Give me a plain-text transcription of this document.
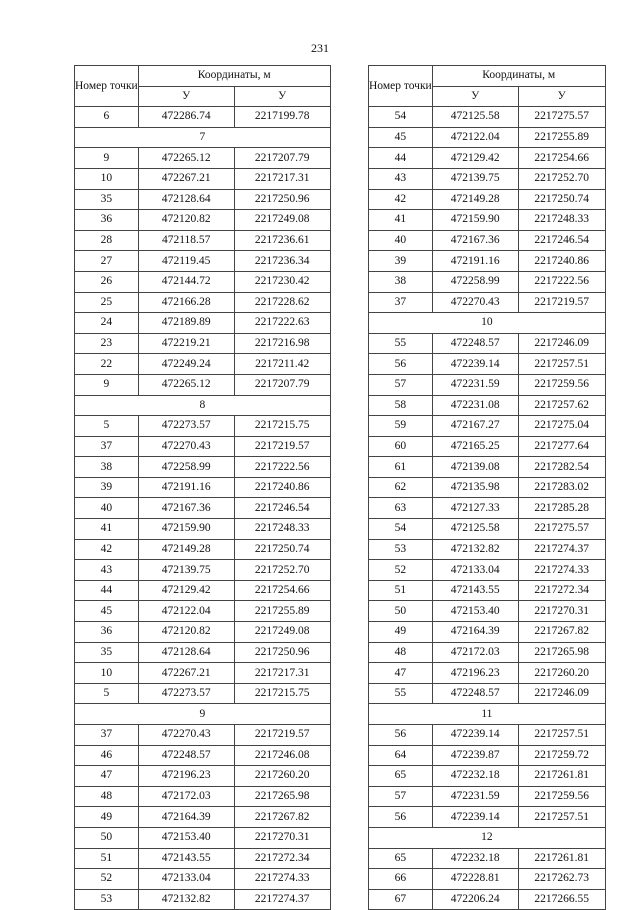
231
Номер точки	Координаты, м	
	У	У
6	472286.74	2217199.78
7		
9	472265.12	2217207.79
10	472267.21	2217217.31
35	472128.64	2217250.96
36	472120.82	2217249.08
28	472118.57	2217236.61
27	472119.45	2217236.34
26	472144.72	2217230.42
25	472166.28	2217228.62
24	472189.89	2217222.63
23	472219.21	2217216.98
22	472249.24	2217211.42
9	472265.12	2217207.79
8		
5	472273.57	2217215.75
37	472270.43	2217219.57
38	472258.99	2217222.56
39	472191.16	2217240.86
40	472167.36	2217246.54
41	472159.90	2217248.33
42	472149.28	2217250.74
43	472139.75	2217252.70
44	472129.42	2217254.66
45	472122.04	2217255.89
36	472120.82	2217249.08
35	472128.64	2217250.96
10	472267.21	2217217.31
5	472273.57	2217215.75
9		
37	472270.43	2217219.57
46	472248.57	2217246.08
47	472196.23	2217260.20
48	472172.03	2217265.98
49	472164.39	2217267.82
50	472153.40	2217270.31
51	472143.55	2217272.34
52	472133.04	2217274.33
53	472132.82	2217274.37
Номер точки	Координаты, м	
	У	У
54	472125.58	2217275.57
45	472122.04	2217255.89
44	472129.42	2217254.66
43	472139.75	2217252.70
42	472149.28	2217250.74
41	472159.90	2217248.33
40	472167.36	2217246.54
39	472191.16	2217240.86
38	472258.99	2217222.56
37	472270.43	2217219.57
10		
55	472248.57	2217246.09
56	472239.14	2217257.51
57	472231.59	2217259.56
58	472231.08	2217257.62
59	472167.27	2217275.04
60	472165.25	2217277.64
61	472139.08	2217282.54
62	472135.98	2217283.02
63	472127.33	2217285.28
54	472125.58	2217275.57
53	472132.82	2217274.37
52	472133.04	2217274.33
51	472143.55	2217272.34
50	472153.40	2217270.31
49	472164.39	2217267.82
48	472172.03	2217265.98
47	472196.23	2217260.20
55	472248.57	2217246.09
11		
56	472239.14	2217257.51
64	472239.87	2217259.72
65	472232.18	2217261.81
57	472231.59	2217259.56
56	472239.14	2217257.51
12		
65	472232.18	2217261.81
66	472228.81	2217262.73
67	472206.24	2217266.55
